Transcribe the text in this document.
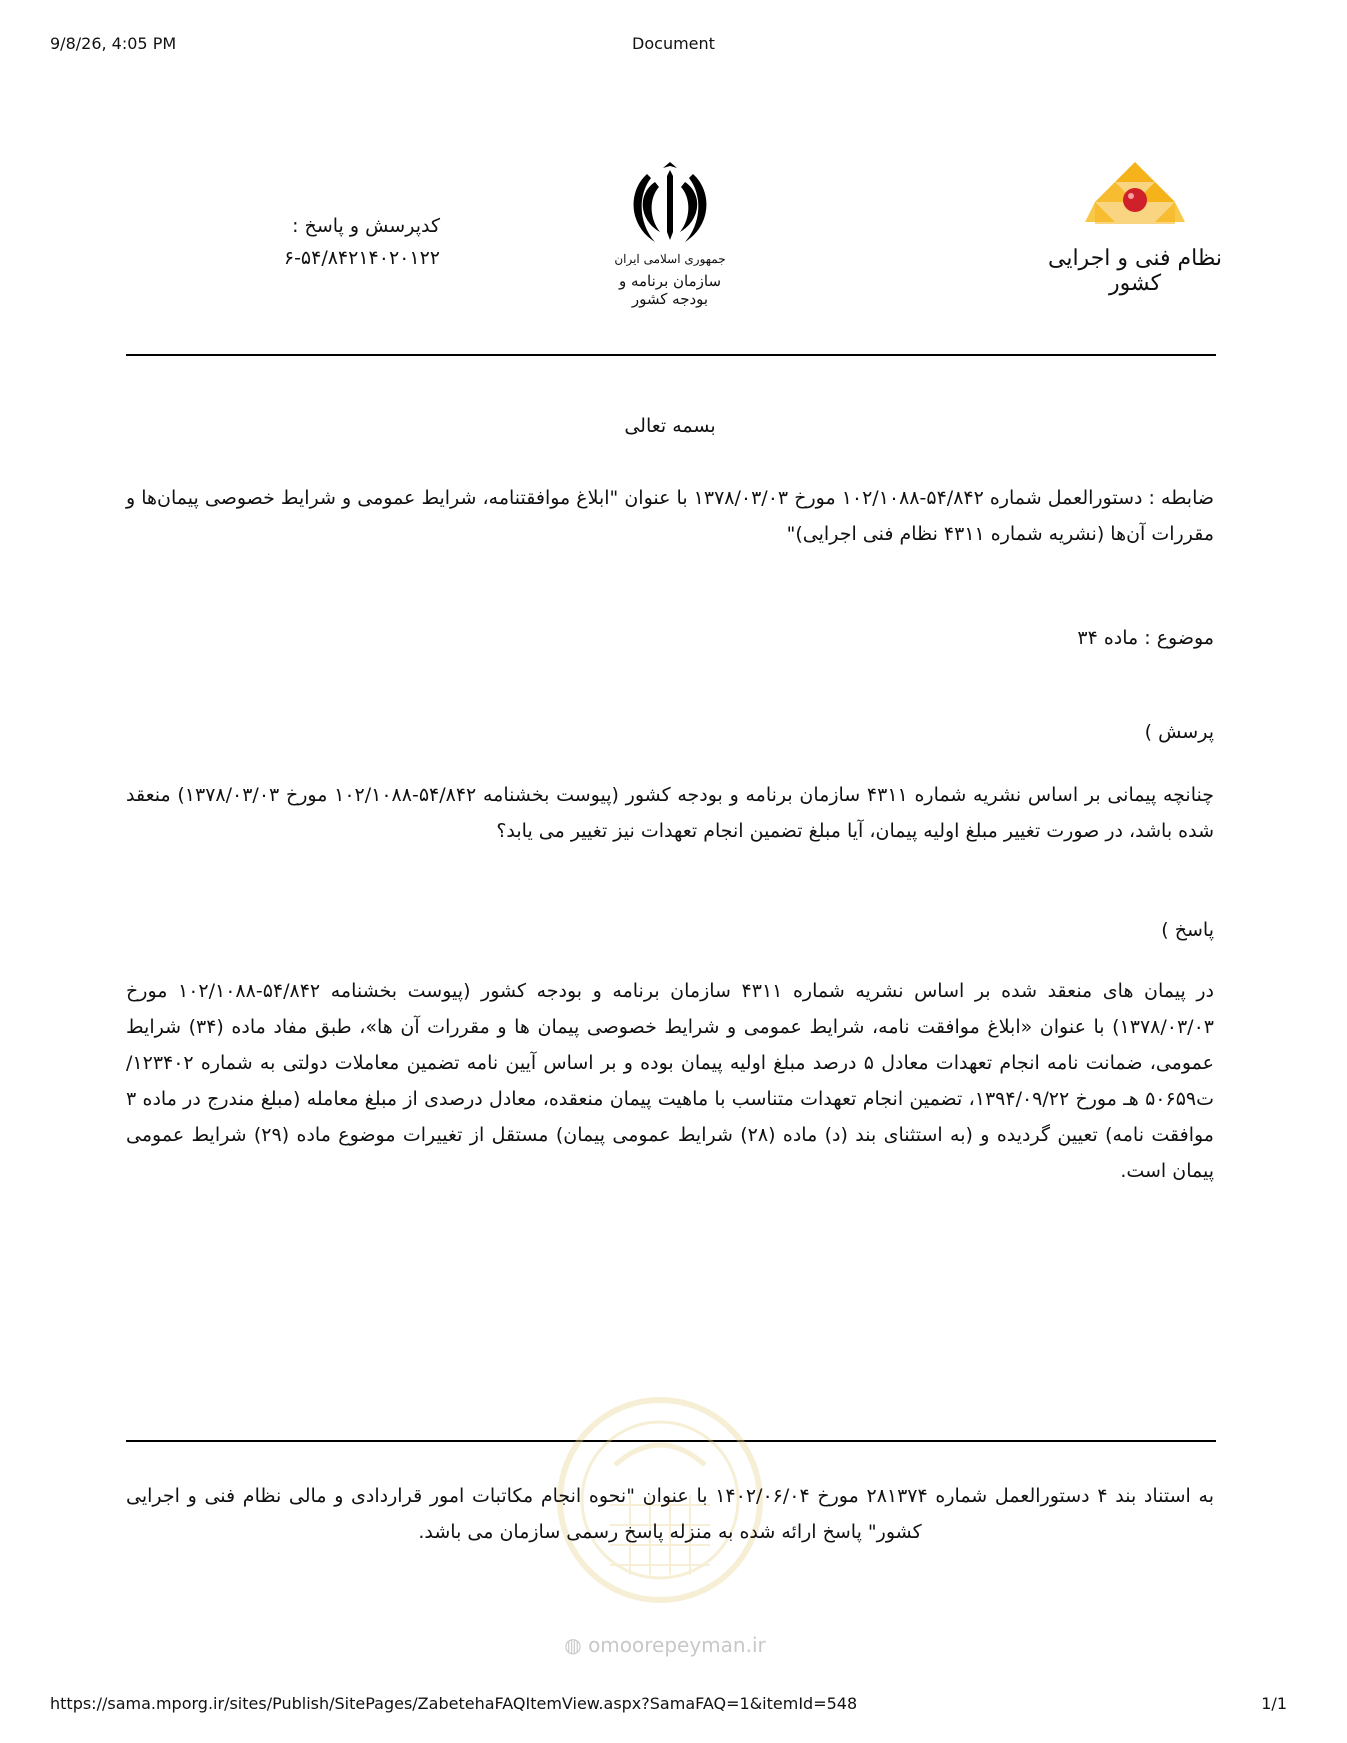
9/8/26, 4:05 PM	Document
نظام فنی و اجرایی کشور
جمهوری اسلامی ایران
سازمان برنامه و بودجه کشور
کدپرسش و پاسخ :
۶-۵۴/۸۴۲۱۴۰۲۰۱۲۲
بسمه تعالی
ضابطه : دستورالعمل شماره ۵۴/۸۴۲-۱۰۲/۱۰۸۸ مورخ ۱۳۷۸/۰۳/۰۳ با عنوان "ابلاغ موافقتنامه، شرایط عمومی و شرایط خصوصی پیمان‌ها و مقررات آن‌ها (نشریه شماره ۴۳۱۱ نظام فنی اجرایی)"
موضوع : ماده ۳۴
پرسش )
چنانچه پیمانی بر اساس نشریه شماره ۴۳۱۱ سازمان برنامه و بودجه کشور (پیوست بخشنامه ۵۴/۸۴۲-۱۰۲/۱۰۸۸ مورخ ۱۳۷۸/۰۳/۰۳) منعقد شده باشد، در صورت تغییر مبلغ اولیه پیمان، آیا مبلغ تضمین انجام تعهدات نیز تغییر می یابد؟
پاسخ )
در پیمان های منعقد شده بر اساس نشریه شماره ۴۳۱۱ سازمان برنامه و بودجه کشور (پیوست بخشنامه ۵۴/۸۴۲-۱۰۲/۱۰۸۸ مورخ ۱۳۷۸/۰۳/۰۳) با عنوان «ابلاغ موافقت نامه، شرایط عمومی و شرایط خصوصی پیمان ها و مقررات آن ها»، طبق مفاد ماده (۳۴) شرایط عمومی، ضمانت نامه انجام تعهدات معادل ۵ درصد مبلغ اولیه پیمان بوده و بر اساس آیین نامه تضمین معاملات دولتی به شماره ۱۲۳۴۰۲/ت۵۰۶۵۹ هـ مورخ ۱۳۹۴/۰۹/۲۲، تضمین انجام تعهدات متناسب با ماهیت پیمان منعقده، معادل درصدی از مبلغ معامله (مبلغ مندرج در ماده ۳ موافقت نامه) تعیین گردیده و (به استثنای بند (د) ماده (۲۸) شرایط عمومی پیمان) مستقل از تغییرات موضوع ماده (۲۹) شرایط عمومی پیمان است.
به استناد بند ۴ دستورالعمل شماره ۲۸۱۳۷۴ مورخ ۱۴۰۲/۰۶/۰۴ با عنوان "نحوه انجام مکاتبات امور قراردادی و مالی نظام فنی و اجرایی کشور" پاسخ ارائه شده به منزله پاسخ رسمی سازمان می باشد.
◍ omoorepeyman.ir
https://sama.mporg.ir/sites/Publish/SitePages/ZabetehaFAQItemView.aspx?SamaFAQ=1&itemId=548	1/1
